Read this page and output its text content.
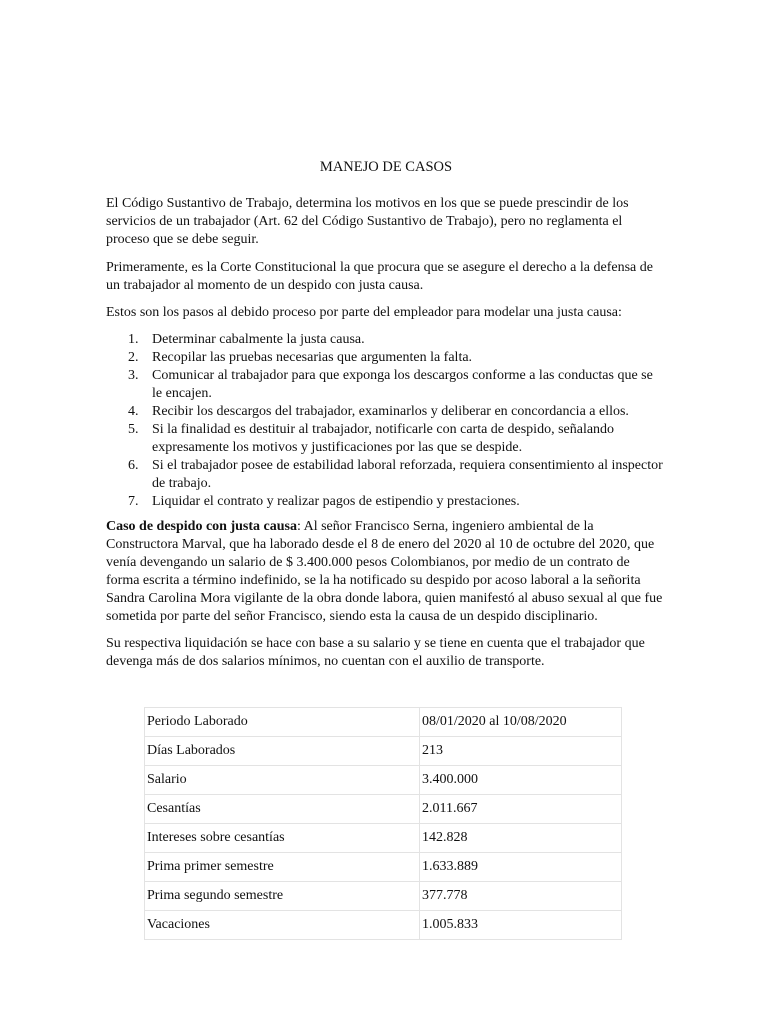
MANEJO DE CASOS

El Código Sustantivo de Trabajo, determina los motivos en los que se puede prescindir de los servicios de un trabajador (Art. 62 del Código Sustantivo de Trabajo), pero no reglamenta el proceso que se debe seguir.

Primeramente, es la Corte Constitucional la que procura que se asegure el derecho a la defensa de un trabajador al momento de un despido con justa causa.

Estos son los pasos al debido proceso por parte del empleador para modelar una justa causa:

1. Determinar cabalmente la justa causa.
2. Recopilar las pruebas necesarias que argumenten la falta.
3. Comunicar al trabajador para que exponga los descargos conforme a las conductas que se le encajen.
4. Recibir los descargos del trabajador, examinarlos y deliberar en concordancia a ellos.
5. Si la finalidad es destituir al trabajador, notificarle con carta de despido, señalando expresamente los motivos y justificaciones por las que se despide.
6. Si el trabajador posee de estabilidad laboral reforzada, requiera consentimiento al inspector de trabajo.
7. Liquidar el contrato y realizar pagos de estipendio y prestaciones.

Caso de despido con justa causa: Al señor Francisco Serna, ingeniero ambiental de la Constructora Marval, que ha laborado desde el 8 de enero del 2020 al 10 de octubre del 2020, que venía devengando un salario de $ 3.400.000 pesos Colombianos, por medio de un contrato de forma escrita a término indefinido, se la ha notificado su despido por acoso laboral a la señorita Sandra Carolina Mora vigilante de la obra donde labora, quien manifestó al abuso sexual al que fue sometida por parte del señor Francisco, siendo esta la causa de un despido disciplinario.

Su respectiva liquidación se hace con base a su salario y se tiene en cuenta que el trabajador que devenga más de dos salarios mínimos, no cuentan con el auxilio de transporte.

Periodo Laborado	08/01/2020 al 10/08/2020
Días Laborados	213
Salario	3.400.000
Cesantías	2.011.667
Intereses sobre cesantías	142.828
Prima primer semestre	1.633.889
Prima segundo semestre	377.778
Vacaciones	1.005.833
